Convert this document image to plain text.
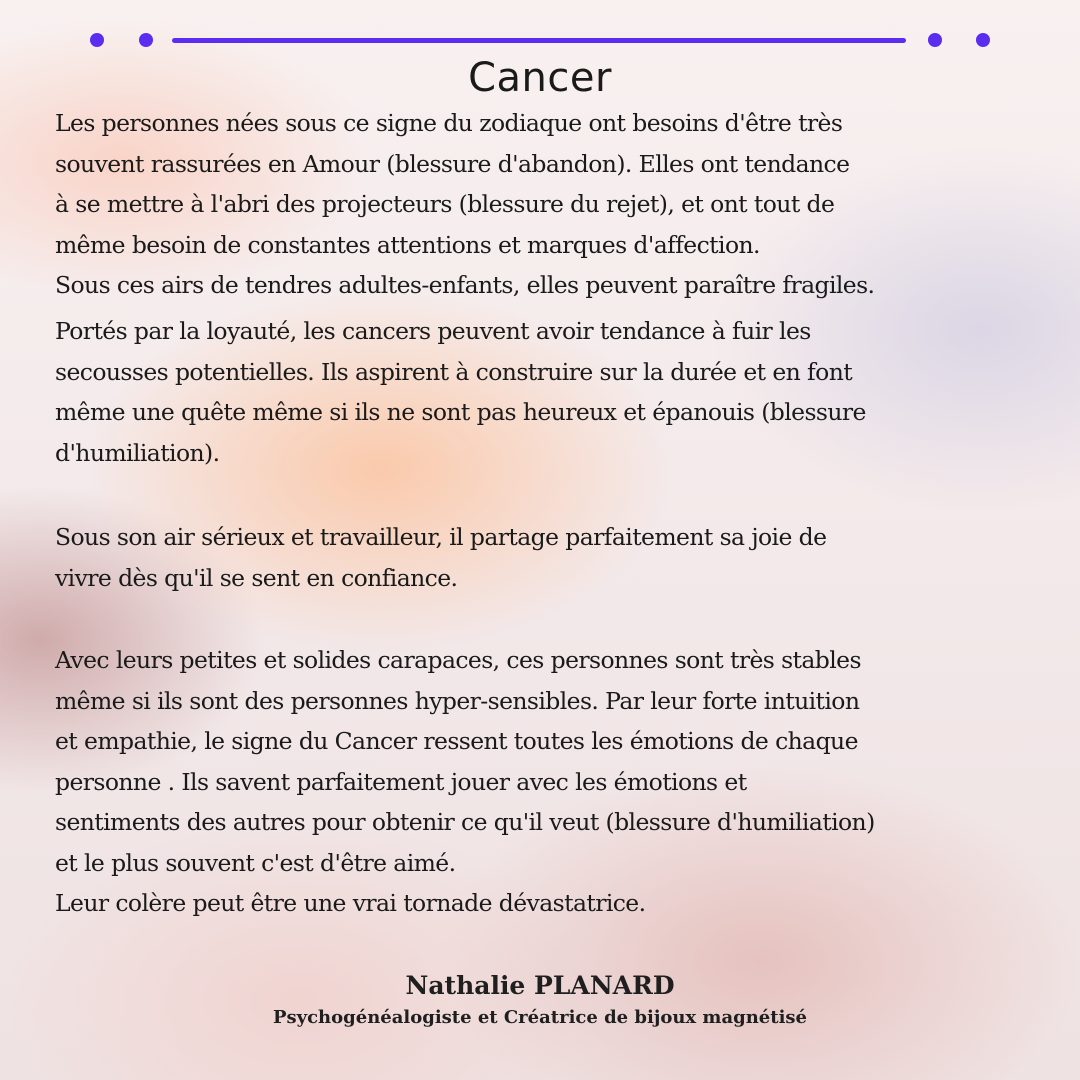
Cancer
Les personnes nées sous ce signe du zodiaque ont besoins d'être très
souvent rassurées en Amour (blessure d'abandon). Elles ont tendance
à se mettre à l'abri des projecteurs (blessure du rejet), et ont tout de
même besoin de constantes attentions et marques d'affection.
Sous ces airs de tendres adultes-enfants, elles peuvent paraître fragiles.
Portés par la loyauté, les cancers peuvent avoir tendance à fuir les
secousses potentielles. Ils aspirent à construire sur la durée et en font
même une quête même si ils ne sont pas heureux et épanouis (blessure
d'humiliation).
Sous son air sérieux et travailleur, il partage parfaitement sa joie de
vivre dès qu'il se sent en confiance.
Avec leurs petites et solides carapaces, ces personnes sont très stables
même si ils sont des personnes hyper-sensibles. Par leur forte intuition
et empathie, le signe du Cancer ressent toutes les émotions de chaque
personne . Ils savent parfaitement jouer avec les émotions et
sentiments des autres pour obtenir ce qu'il veut (blessure d'humiliation)
et le plus souvent c'est d'être aimé.
Leur colère peut être une vrai tornade dévastatrice.
Nathalie PLANARD
Psychogénéalogiste et Créatrice de bijoux magnétisé
